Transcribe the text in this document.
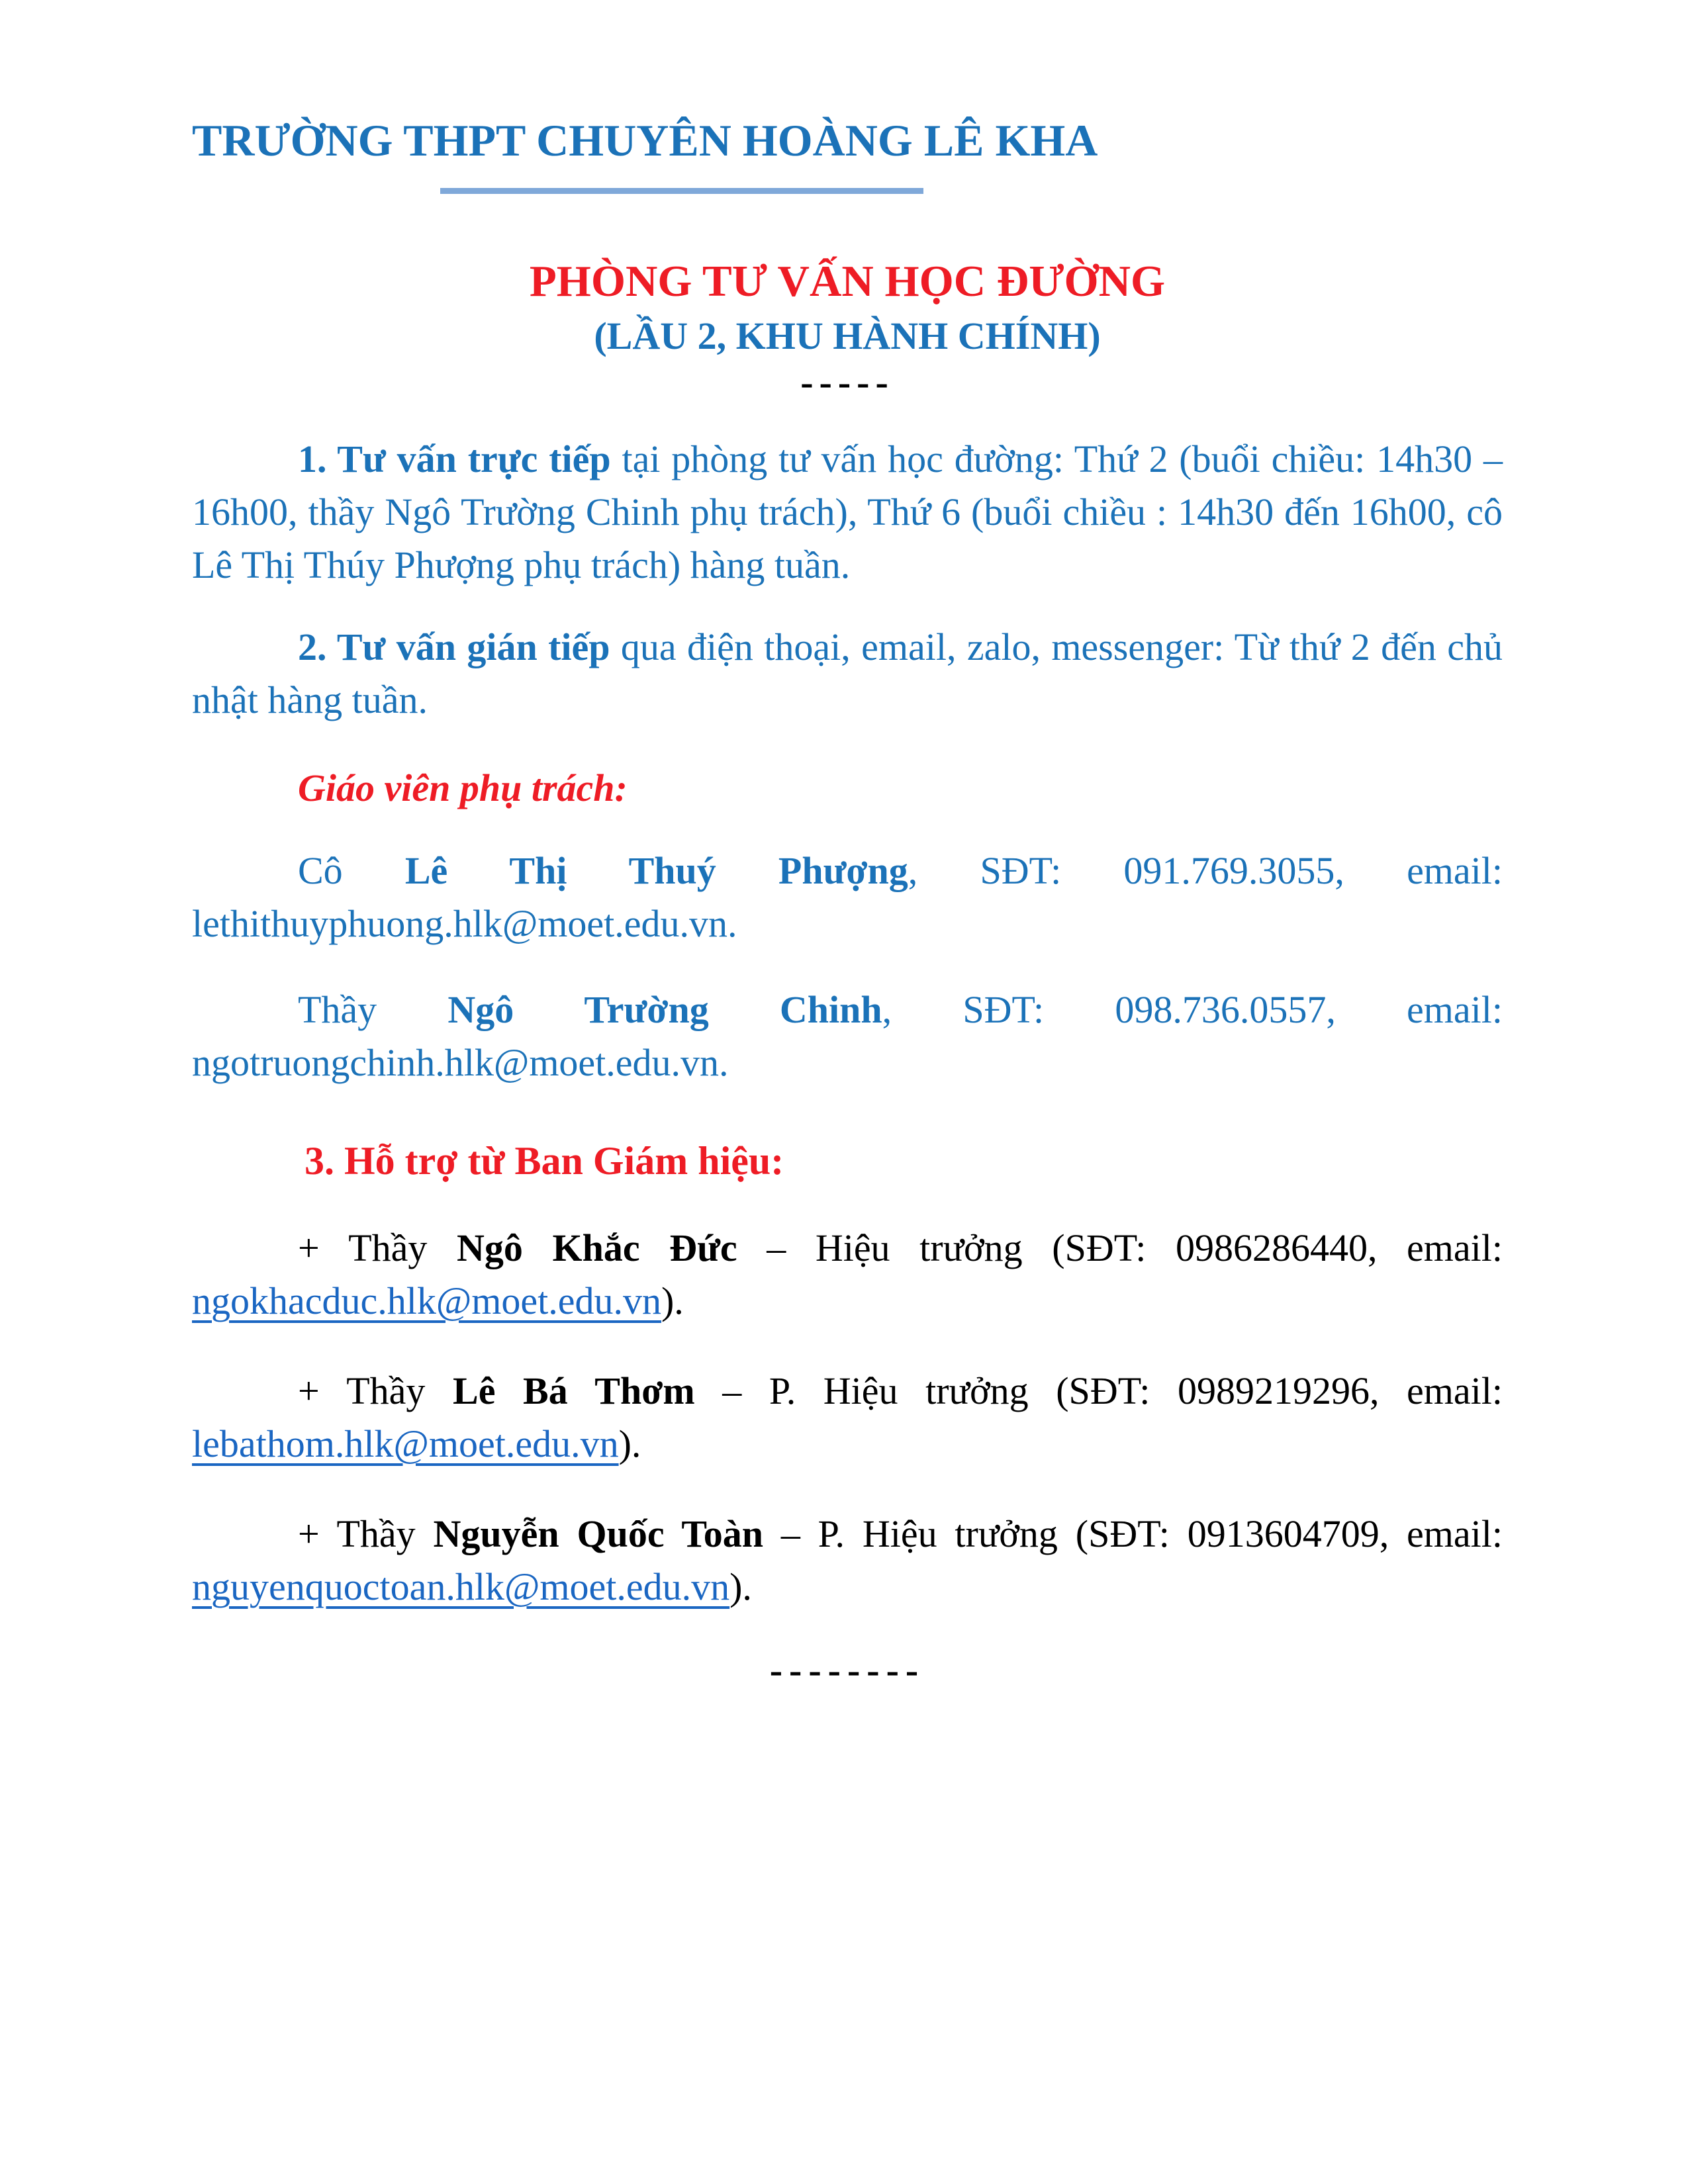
TRƯỜNG THPT CHUYÊN HOÀNG LÊ KHA
PHÒNG TƯ VẤN HỌC ĐƯỜNG
(LẦU 2, KHU HÀNH CHÍNH)
-----

1. Tư vấn trực tiếp tại phòng tư vấn học đường: Thứ 2 (buổi chiều: 14h30 – 16h00, thầy Ngô Trường Chinh phụ trách), Thứ 6 (buổi chiều : 14h30 đến 16h00, cô Lê Thị Thúy Phượng phụ trách) hàng tuần.

2. Tư vấn gián tiếp qua điện thoại, email, zalo, messenger: Từ thứ 2 đến chủ nhật hàng tuần.

Giáo viên phụ trách:

Cô Lê Thị Thuý Phượng, SĐT: 091.769.3055, email: lethithuyphuong.hlk@moet.edu.vn.

Thầy Ngô Trường Chinh, SĐT: 098.736.0557, email: ngotruongchinh.hlk@moet.edu.vn.

3. Hỗ trợ từ Ban Giám hiệu:

+ Thầy Ngô Khắc Đức – Hiệu trưởng (SĐT: 0986286440, email: ngokhacduc.hlk@moet.edu.vn).

+ Thầy Lê Bá Thơm – P. Hiệu trưởng (SĐT: 0989219296, email: lebathom.hlk@moet.edu.vn).

+ Thầy Nguyễn Quốc Toàn – P. Hiệu trưởng (SĐT: 0913604709, email: nguyenquoctoan.hlk@moet.edu.vn).

--------
